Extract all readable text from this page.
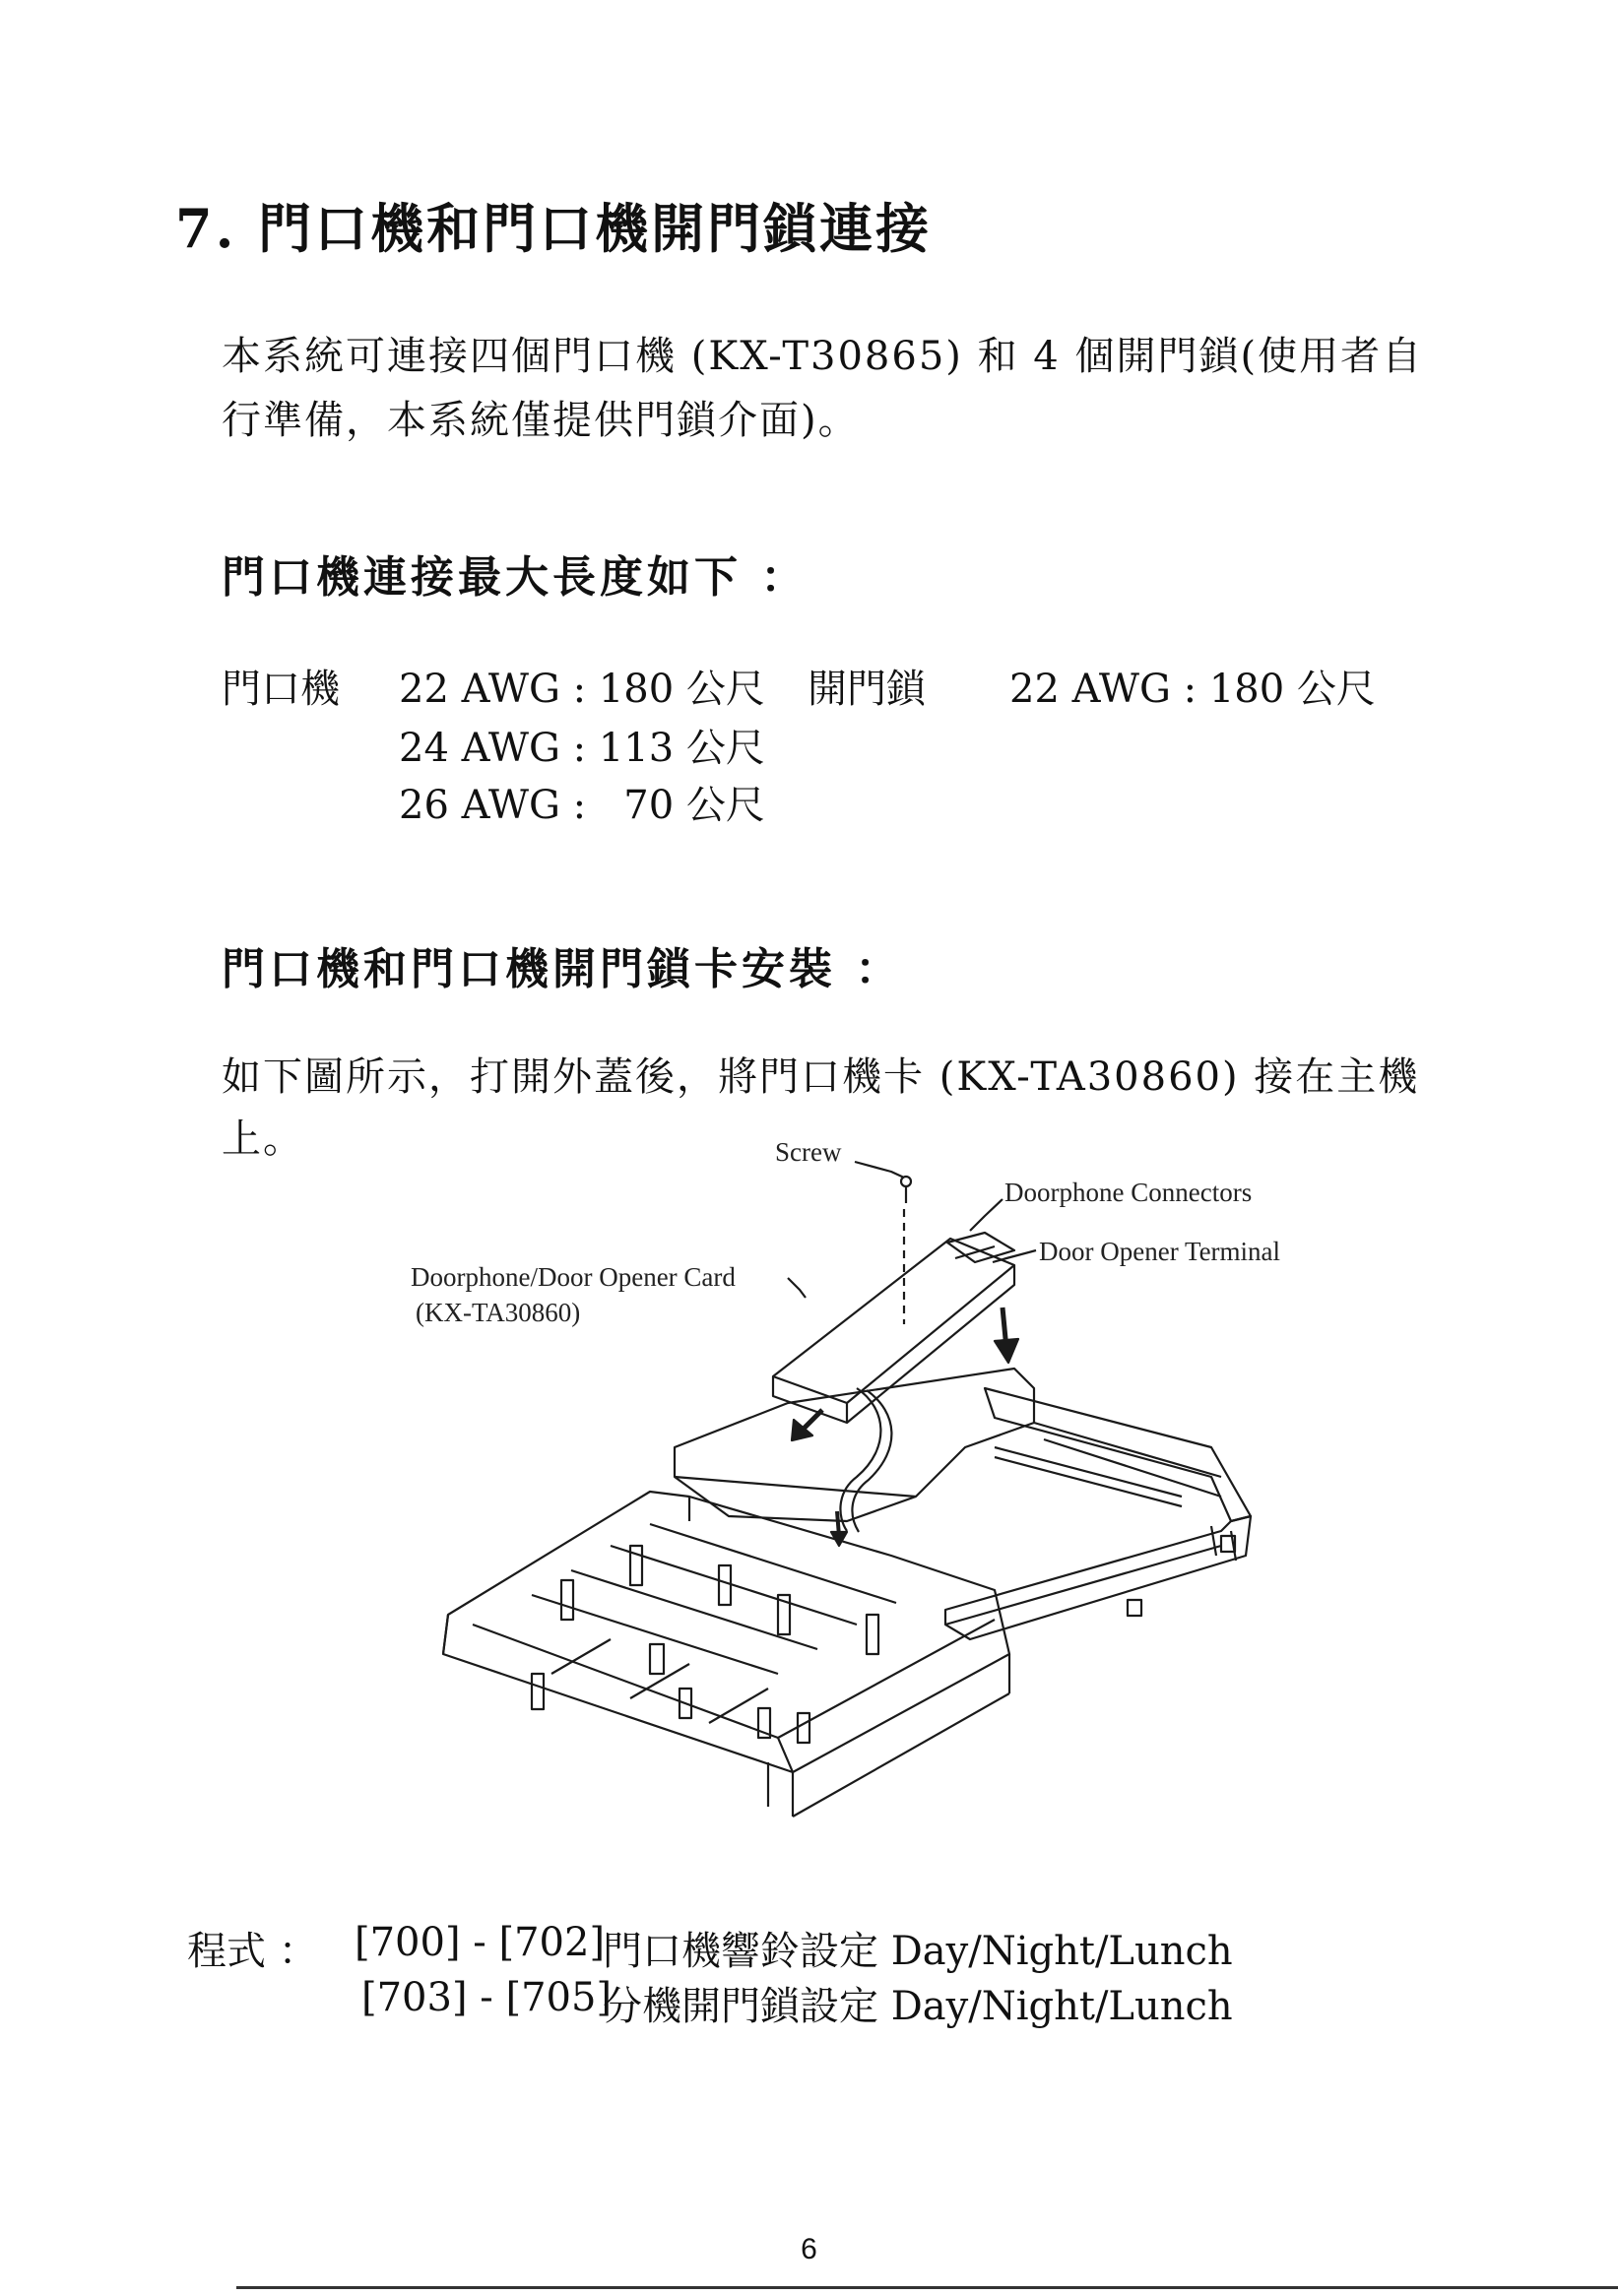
7. 門口機和門口機開門鎖連接
本系統可連接四個門口機 (KX-T30865) 和 4 個開門鎖(使用者自
行準備，本系統僅提供門鎖介面)。
門口機連接最大長度如下 ：
門口機 22 AWG : 180 公尺
24 AWG : 113 公尺
26 AWG :   70 公尺
開門鎖 22 AWG : 180 公尺
門口機和門口機開門鎖卡安裝 ：
如下圖所示，打開外蓋後，將門口機卡 (KX-TA30860) 接在主機
上。	Screw
Doorphone Connectors
Door Opener Terminal
Doorphone/Door Opener Card
(KX-TA30860)
程式 ： [700] - [702]
門口機響鈴設定 Day/Night/Lunch
[703] - [705]
分機開門鎖設定 Day/Night/Lunch
6
